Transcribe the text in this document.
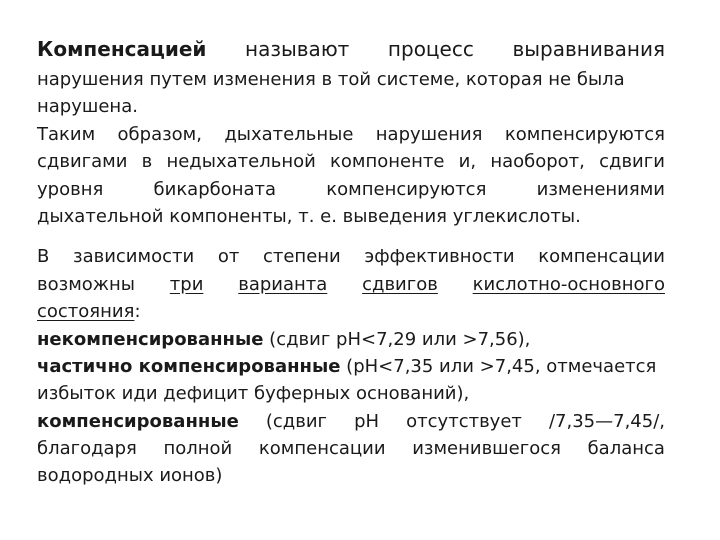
Компенсацией называют процесс выравнивания
нарушения путем изменения в той системе, которая не была
нарушена.
Таким образом, дыхательные нарушения компенсируются
сдвигами в недыхательной компоненте и, наоборот, сдвиги
уровня	бикарбоната	компенсируются	изменениями
дыхательной компоненты, т. е. выведения углекислоты.
В зависимости от степени эффективности компенсации
возможны три варианта сдвигов кислотно-основного
состояния:
некомпенсированные (сдвиг рН<7,29 или >7,56),
частично компенсированные (рН<7,35 или >7,45, отмечается
избыток иди дефицит буферных оснований),
компенсированные (сдвиг рН отсутствует /7,35—7,45/,
благодаря полной компенсации изменившегося баланса
водородных ионов)
